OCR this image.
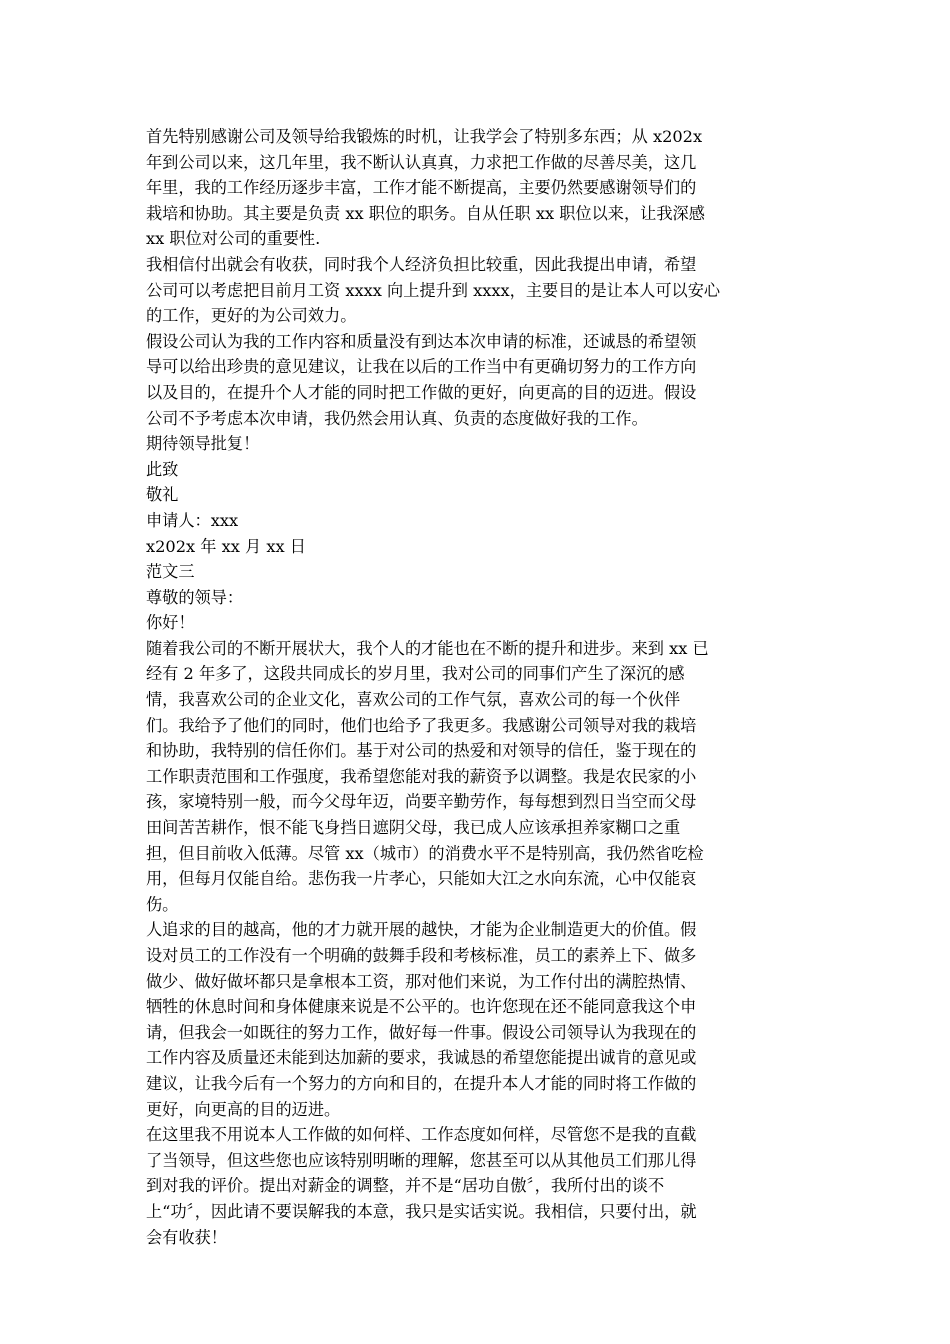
首先特别感谢公司及领导给我锻炼的时机，让我学会了特别多东西；从 x202x
年到公司以来，这几年里，我不断认认真真，力求把工作做的尽善尽美，这几
年里，我的工作经历逐步丰富，工作才能不断提高，主要仍然要感谢领导们的
栽培和协助。其主要是负责 xx 职位的职务。自从任职 xx 职位以来，让我深感
xx 职位对公司的重要性.
我相信付出就会有收获，同时我个人经济负担比较重，因此我提出申请，希望
公司可以考虑把目前月工资 xxxx 向上提升到 xxxx，主要目的是让本人可以安心
的工作，更好的为公司效力。
假设公司认为我的工作内容和质量没有到达本次申请的标准，还诚恳的希望领
导可以给出珍贵的意见建议，让我在以后的工作当中有更确切努力的工作方向
以及目的，在提升个人才能的同时把工作做的更好，向更高的目的迈进。假设
公司不予考虑本次申请，我仍然会用认真、负责的态度做好我的工作。
期待领导批复！
此致
敬礼
申请人：xxx
x202x 年 xx 月 xx 日
范文三
尊敬的领导：
你好！
随着我公司的不断开展状大，我个人的才能也在不断的提升和进步。来到 xx 已
经有 2 年多了，这段共同成长的岁月里，我对公司的同事们产生了深沉的感
情，我喜欢公司的企业文化，喜欢公司的工作气氛，喜欢公司的每一个伙伴
们。我给予了他们的同时，他们也给予了我更多。我感谢公司领导对我的栽培
和协助，我特别的信任你们。基于对公司的热爱和对领导的信任，鉴于现在的
工作职责范围和工作强度，我希望您能对我的薪资予以调整。我是农民家的小
孩，家境特别一般，而今父母年迈，尚要辛勤劳作，每每想到烈日当空而父母
田间苦苦耕作，恨不能飞身挡日遮阴父母，我已成人应该承担养家糊口之重
担，但目前收入低薄。尽管 xx（城市）的消费水平不是特别高，我仍然省吃检
用，但每月仅能自给。悲伤我一片孝心，只能如大江之水向东流，心中仅能哀
伤。
人追求的目的越高，他的才力就开展的越快，才能为企业制造更大的价值。假
设对员工的工作没有一个明确的鼓舞手段和考核标准，员工的素养上下、做多
做少、做好做坏都只是拿根本工资，那对他们来说，为工作付出的满腔热情、
牺牲的休息时间和身体健康来说是不公平的。也许您现在还不能同意我这个申
请，但我会一如既往的努力工作，做好每一件事。假设公司领导认为我现在的
工作内容及质量还未能到达加薪的要求，我诚恳的希望您能提出诚肯的意见或
建议，让我今后有一个努力的方向和目的，在提升本人才能的同时将工作做的
更好，向更高的目的迈进。
在这里我不用说本人工作做的如何样、工作态度如何样，尽管您不是我的直截
了当领导，但这些您也应该特别明晰的理解，您甚至可以从其他员工们那儿得
到对我的评价。提出对薪金的调整，并不是“居功自傲〞，我所付出的谈不
上“功〞，因此请不要误解我的本意，我只是实话实说。我相信，只要付出，就
会有收获！
